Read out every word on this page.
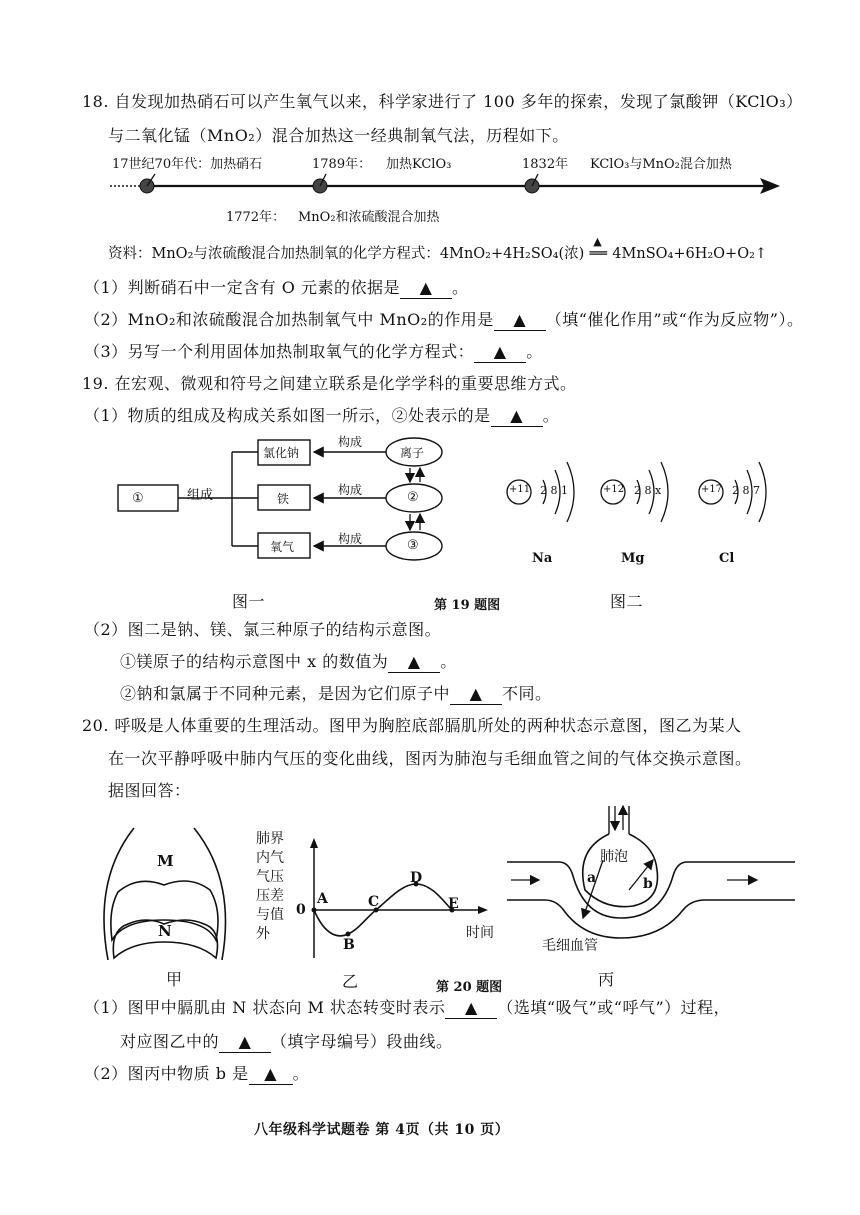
18. 自发现加热硝石可以产生氧气以来，科学家进行了 100 多年的探索，发现了氯酸钾（KClO₃）
与二氧化锰（MnO₂）混合加热这一经典制氧气法，历程如下。
17世纪70年代：加热硝石	1789年： 加热KClO₃	1832年 KClO₃与MnO₂混合加热
1772年： MnO₂和浓硫酸混合加热
资料：MnO₂与浓硫酸混合加热制氧的化学方程式：4MnO₂+4H₂SO₄(浓)
▲
══ 4MnSO₄+6H₂O+O₂↑
（1）判断硝石中一定含有 O 元素的依据是 ▲ 。
（2）MnO₂和浓硫酸混合加热制氧气中 MnO₂的作用是 ▲ （填“催化作用”或“作为反应物”）。
（3）另写一个利用固体加热制取氧气的化学方程式： ▲ 。
19. 在宏观、微观和符号之间建立联系是化学学科的重要思维方式。
（1）物质的组成及构成关系如图一所示，②处表示的是 ▲ 。
①	组成
氯化钠
铁
氧气
构成
构成
构成
离子
②
③
+11 2 8 1	+12 2 8 x	+17 2 8 7
Na	Mg	Cl
图一	第 19 题图	图二
（2）图二是钠、镁、氯三种原子的结构示意图。
①镁原子的结构示意图中 x 的数值为 ▲ 。
②钠和氯属于不同种元素，是因为它们原子中 ▲ 不同。
20. 呼吸是人体重要的生理活动。图甲为胸腔底部膈肌所处的两种状态示意图，图乙为某人
在一次平静呼吸中肺内气压的变化曲线，图丙为肺泡与毛细血管之间的气体交换示意图。
据图回答：
M
N
甲
肺界
内气
气压
压差
与值
外
0
A
B
C
D
E
时间
乙	第 20 题图
肺泡
a	b
毛细血管
丙
（1）图甲中膈肌由 N 状态向 M 状态转变时表示 ▲ （选填“吸气”或“呼气”）过程，
对应图乙中的 ▲ （填字母编号）段曲线。
（2）图丙中物质 b 是 ▲ 。
八年级科学试题卷 第 4页（共 10 页）
